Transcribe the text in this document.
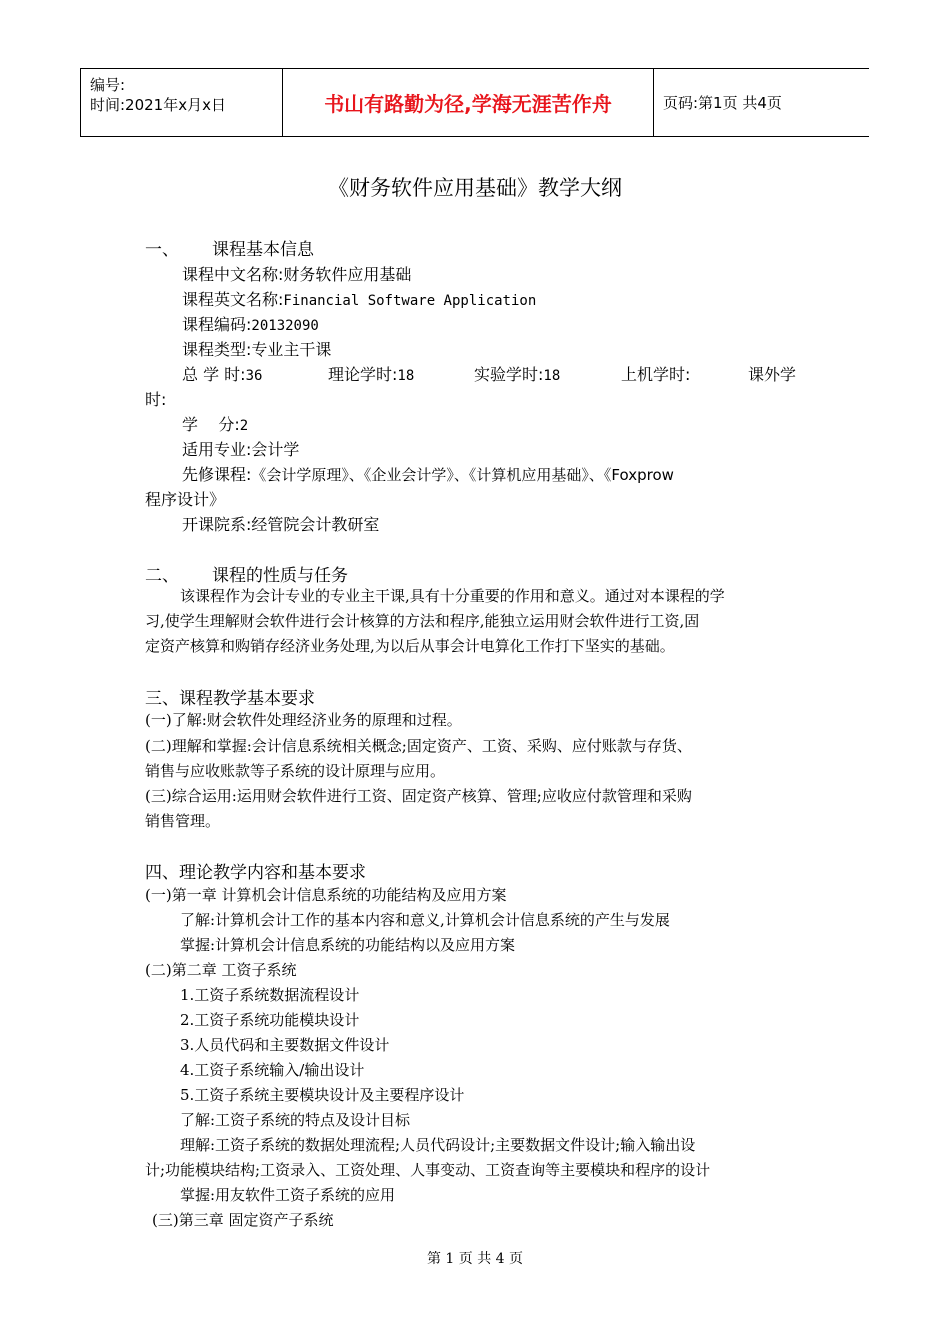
编号:
时间:2021年x月x日	书山有路勤为径,学海无涯苦作舟	页码:第1页 共4页
《财务软件应用基础》教学大纲
一、 课程基本信息
课程中文名称:财务软件应用基础
课程英文名称:Financial Software Application
课程编码:20132090
课程类型:专业主干课
总 学 时:36	理论学时:18	实验学时:18	上机学时:	课外学
时:
学    分:2
适用专业:会计学
先修课程:《会计学原理》、《企业会计学》、《计算机应用基础》、《Foxprow
程序设计》
开课院系:经管院会计教研室
二、 课程的性质与任务
该课程作为会计专业的专业主干课,具有十分重要的作用和意义。通过对本课程的学
习,使学生理解财会软件进行会计核算的方法和程序,能独立运用财会软件进行工资,固
定资产核算和购销存经济业务处理,为以后从事会计电算化工作打下坚实的基础。
三、课程教学基本要求
(一)了解:财会软件处理经济业务的原理和过程。
(二)理解和掌握:会计信息系统相关概念;固定资产、工资、采购、应付账款与存货、
销售与应收账款等子系统的设计原理与应用。
(三)综合运用:运用财会软件进行工资、固定资产核算、管理;应收应付款管理和采购
销售管理。
四、理论教学内容和基本要求
(一)第一章 计算机会计信息系统的功能结构及应用方案
了解:计算机会计工作的基本内容和意义,计算机会计信息系统的产生与发展
掌握:计算机会计信息系统的功能结构以及应用方案
(二)第二章 工资子系统
1.工资子系统数据流程设计
2.工资子系统功能模块设计
3.人员代码和主要数据文件设计
4.工资子系统输入/输出设计
5.工资子系统主要模块设计及主要程序设计
了解:工资子系统的特点及设计目标
理解:工资子系统的数据处理流程;人员代码设计;主要数据文件设计;输入输出设
计;功能模块结构;工资录入、工资处理、人事变动、工资查询等主要模块和程序的设计
掌握:用友软件工资子系统的应用
(三)第三章 固定资产子系统
第 1 页 共 4 页
